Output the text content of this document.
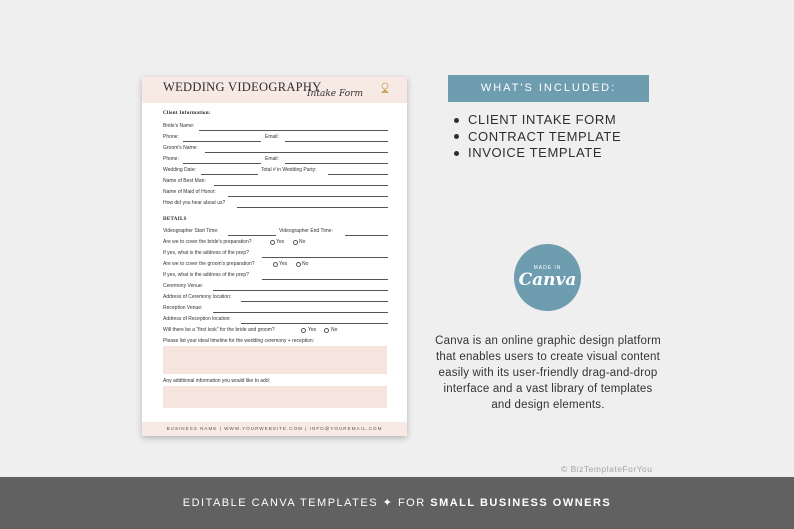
WEDDING VIDEOGRAPHY
Intake Form
Client Information:
Bride's Name:
Phone:	Email:
Groom's Name:
Phone:	Email:
Wedding Date:	Total # in Wedding Party:
Name of Best Man:
Name of Maid of Honor:
How did you hear about us?
DETAILS
Videographer Start Time:	Videographer End Time:
Are we to cover the bride's preparation?	Yes	No
If yes, what is the address of the prep?
Are we to cover the groom's preparation?	Yes	No
If yes, what is the address of the prep?
Ceremony Venue:
Address of Ceremony location:
Reception Venue:
Address of Reception location:
Will there be a "first look" for the bride and groom?	Yes	No
Please list your ideal timeline for the wedding ceremony + reception:
Any additional information you would like to add:
BUSINESS NAME | WWW.YOURWEBSITE.COM | INFO@YOUREMAIL.COM
WHAT'S INCLUDED:
CLIENT INTAKE FORM
CONTRACT TEMPLATE
INVOICE TEMPLATE
MADE IN
Canva
Canva is an online graphic design platform that enables users to create visual content easily with its user-friendly drag-and-drop interface and a vast library of templates and design elements.
© BizTemplateForYou
EDITABLE CANVA TEMPLATES ✦ FOR SMALL BUSINESS OWNERS
